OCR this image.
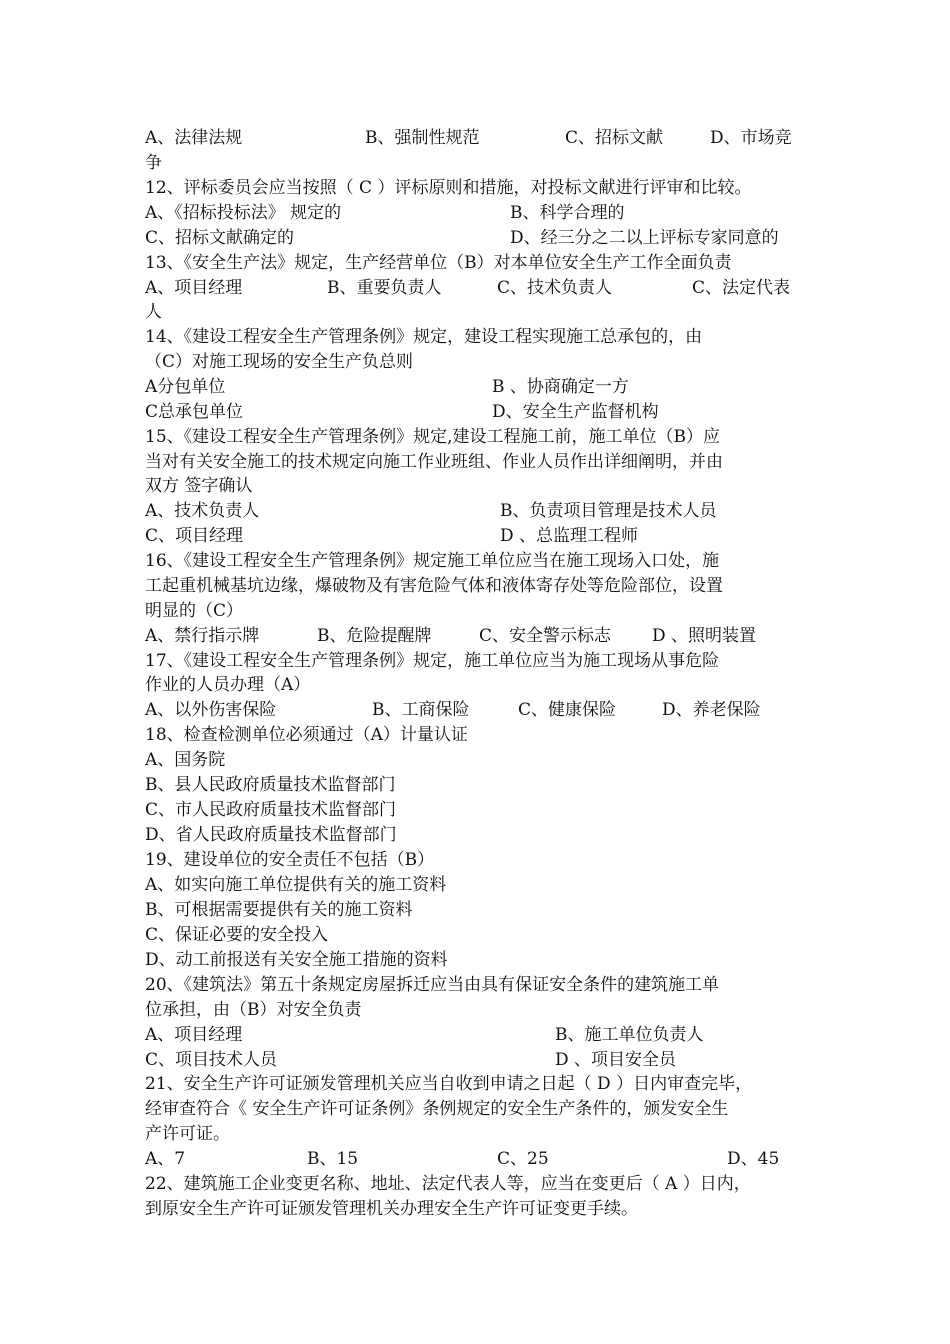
A、法律法规	B、强制性规范	C、招标文献	D、市场竞
争
12、评标委员会应当按照（ C ）评标原则和措施，对投标文献进行评审和比较。
A、《招标投标法》 规定的	B、科学合理的
C、招标文献确定的	D、经三分之二以上评标专家同意的
13、《安全生产法》规定，生产经营单位（B）对本单位安全生产工作全面负责
A、项目经理	B、重要负责人	C、技术负责人	C、法定代表
人
14、《建设工程安全生产管理条例》规定，建设工程实现施工总承包的，由
（C）对施工现场的安全生产负总则
A分包单位	B 、协商确定一方
C总承包单位	D、安全生产监督机构
15、《建设工程安全生产管理条例》规定,建设工程施工前，施工单位（B）应
当对有关安全施工的技术规定向施工作业班组、作业人员作出详细阐明，并由
双方 签字确认
A、技术负责人	B、负责项目管理是技术人员
C、项目经理	D 、总监理工程师
16、《建设工程安全生产管理条例》规定施工单位应当在施工现场入口处，施
工起重机械基坑边缘，爆破物及有害危险气体和液体寄存处等危险部位，设置
明显的（C）
A、禁行指示牌	B、危险提醒牌	C、安全警示标志 D 、照明装置
17、《建设工程安全生产管理条例》规定，施工单位应当为施工现场从事危险
作业的人员办理（A）
A、以外伤害保险	B、工商保险	C、健康保险	D、养老保险
18、检查检测单位必须通过（A）计量认证
A、国务院
B、县人民政府质量技术监督部门
C、市人民政府质量技术监督部门
D、省人民政府质量技术监督部门
19、建设单位的安全责任不包括（B）
A、如实向施工单位提供有关的施工资料
B、可根据需要提供有关的施工资料
C、保证必要的安全投入
D、动工前报送有关安全施工措施的资料
20、《建筑法》第五十条规定房屋拆迁应当由具有保证安全条件的建筑施工单
位承担，由（B）对安全负责
A、项目经理	B、施工单位负责人
C、项目技术人员	D 、项目安全员
21、安全生产许可证颁发管理机关应当自收到申请之日起（ D ）日内审查完毕，
经审查符合《 安全生产许可证条例》条例规定的安全生产条件的，颁发安全生
产许可证。
A、7	B、15	C、25	D、45
22、建筑施工企业变更名称、地址、法定代表人等，应当在变更后（ A ）日内，
到原安全生产许可证颁发管理机关办理安全生产许可证变更手续。
